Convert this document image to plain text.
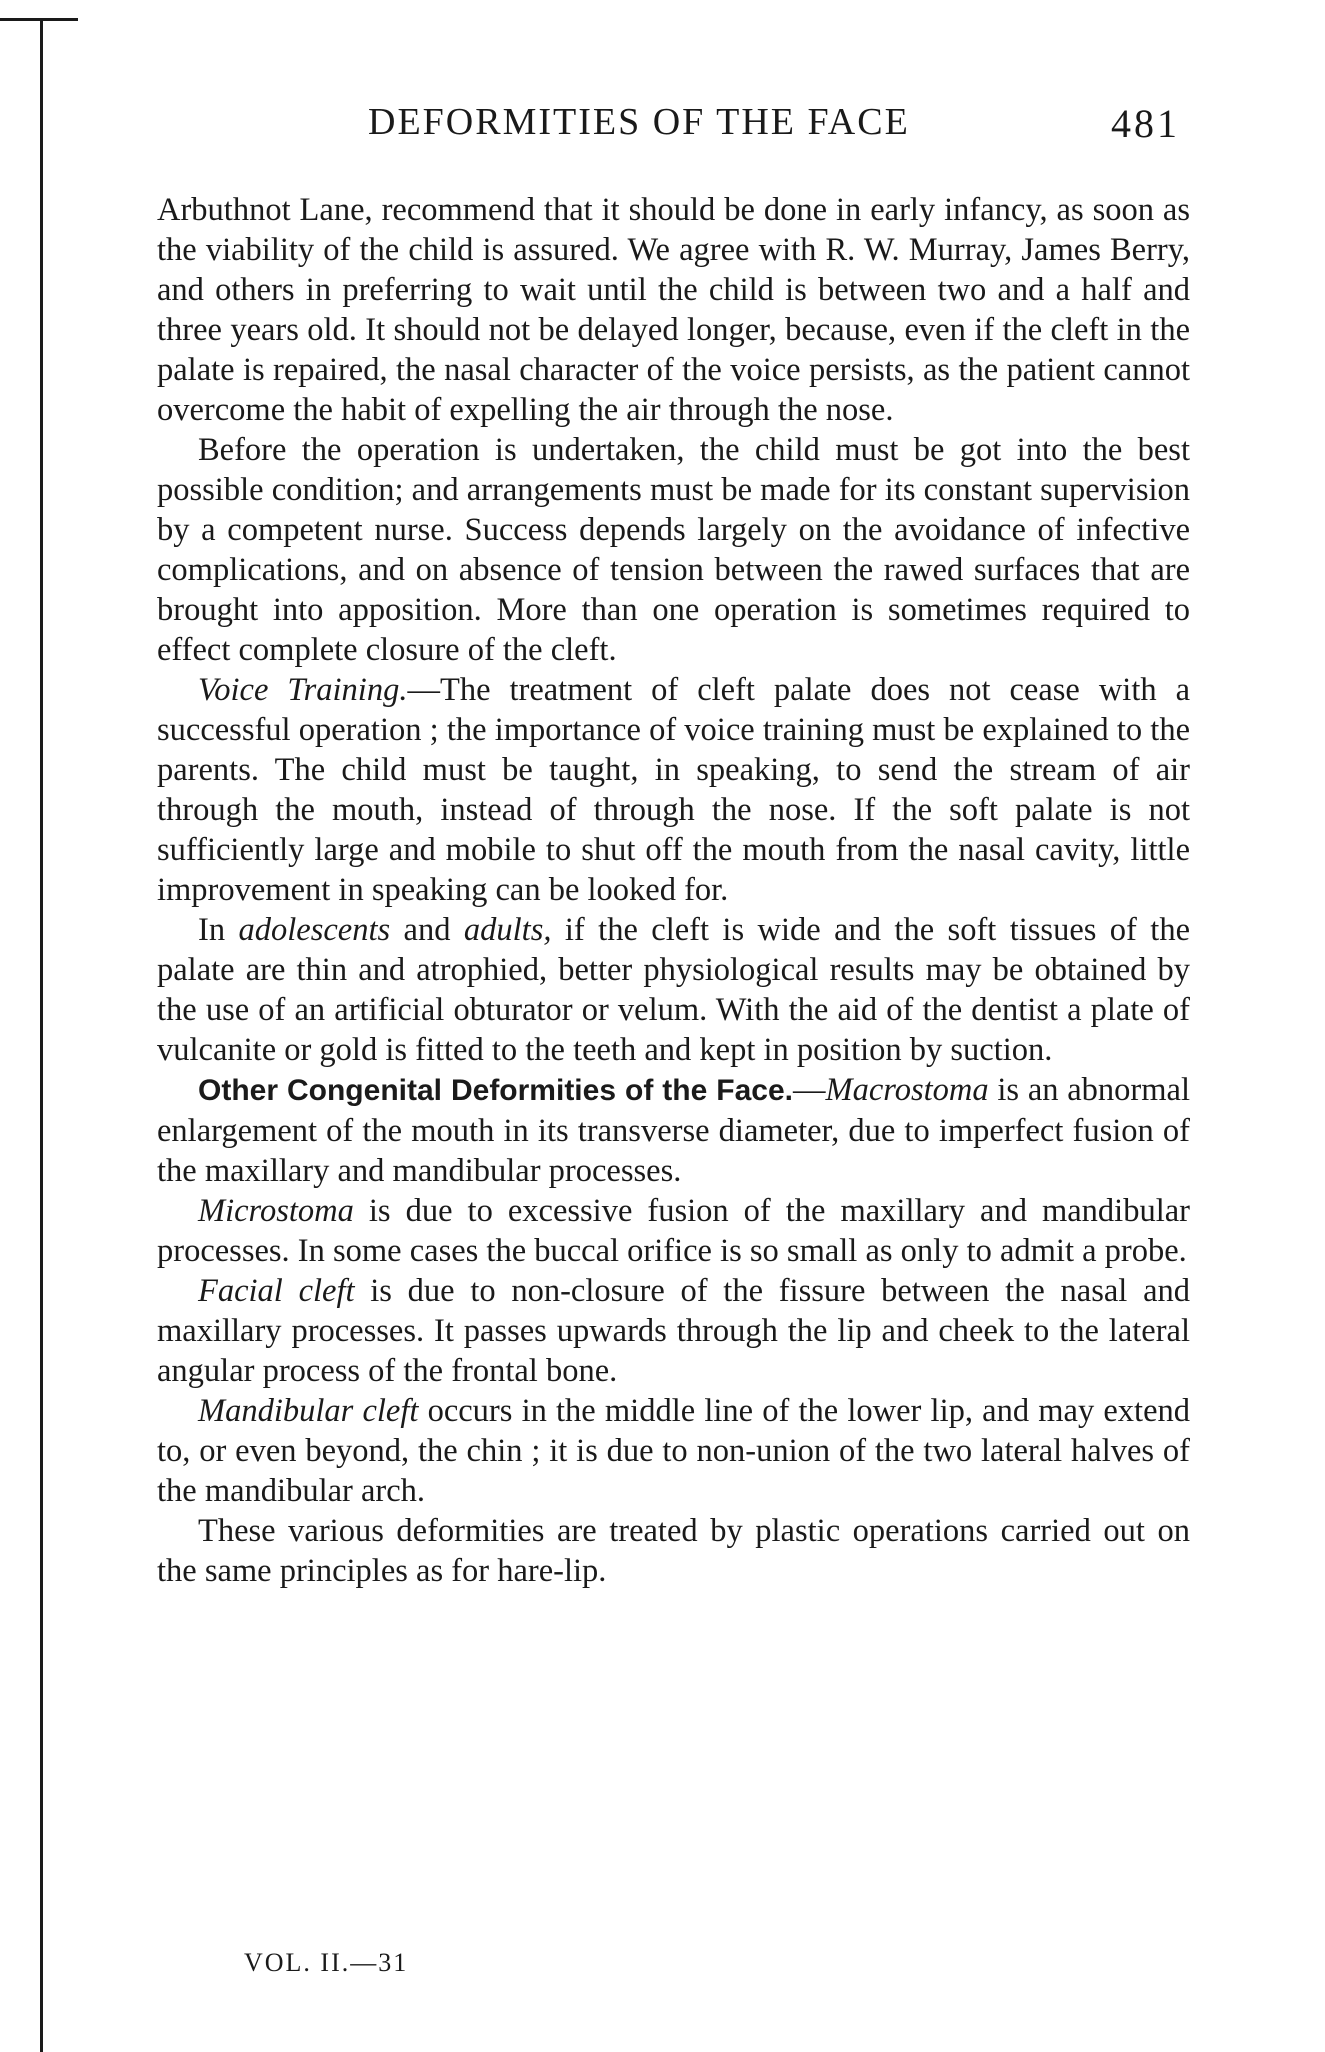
DEFORMITIES OF THE FACE	481

Arbuthnot Lane, recommend that it should be done in early infancy, as soon as the viability of the child is assured. We agree with R. W. Murray, James Berry, and others in preferring to wait until the child is between two and a half and three years old. It should not be delayed longer, because, even if the cleft in the palate is repaired, the nasal character of the voice persists, as the patient cannot overcome the habit of expelling the air through the nose.

Before the operation is undertaken, the child must be got into the best possible condition; and arrangements must be made for its constant supervision by a competent nurse. Success depends largely on the avoidance of infective complications, and on absence of tension between the rawed surfaces that are brought into apposition. More than one operation is sometimes required to effect complete closure of the cleft.

Voice Training.—The treatment of cleft palate does not cease with a successful operation ; the importance of voice training must be explained to the parents. The child must be taught, in speaking, to send the stream of air through the mouth, instead of through the nose. If the soft palate is not sufficiently large and mobile to shut off the mouth from the nasal cavity, little improvement in speaking can be looked for.

In adolescents and adults, if the cleft is wide and the soft tissues of the palate are thin and atrophied, better physiological results may be obtained by the use of an artificial obturator or velum. With the aid of the dentist a plate of vulcanite or gold is fitted to the teeth and kept in position by suction.

Other Congenital Deformities of the Face.—Macrostoma is an abnormal enlargement of the mouth in its transverse diameter, due to imperfect fusion of the maxillary and mandibular processes.

Microstoma is due to excessive fusion of the maxillary and mandibular processes. In some cases the buccal orifice is so small as only to admit a probe.

Facial cleft is due to non-closure of the fissure between the nasal and maxillary processes. It passes upwards through the lip and cheek to the lateral angular process of the frontal bone.

Mandibular cleft occurs in the middle line of the lower lip, and may extend to, or even beyond, the chin ; it is due to non-union of the two lateral halves of the mandibular arch.

These various deformities are treated by plastic operations carried out on the same principles as for hare-lip.

VOL. II.—31
